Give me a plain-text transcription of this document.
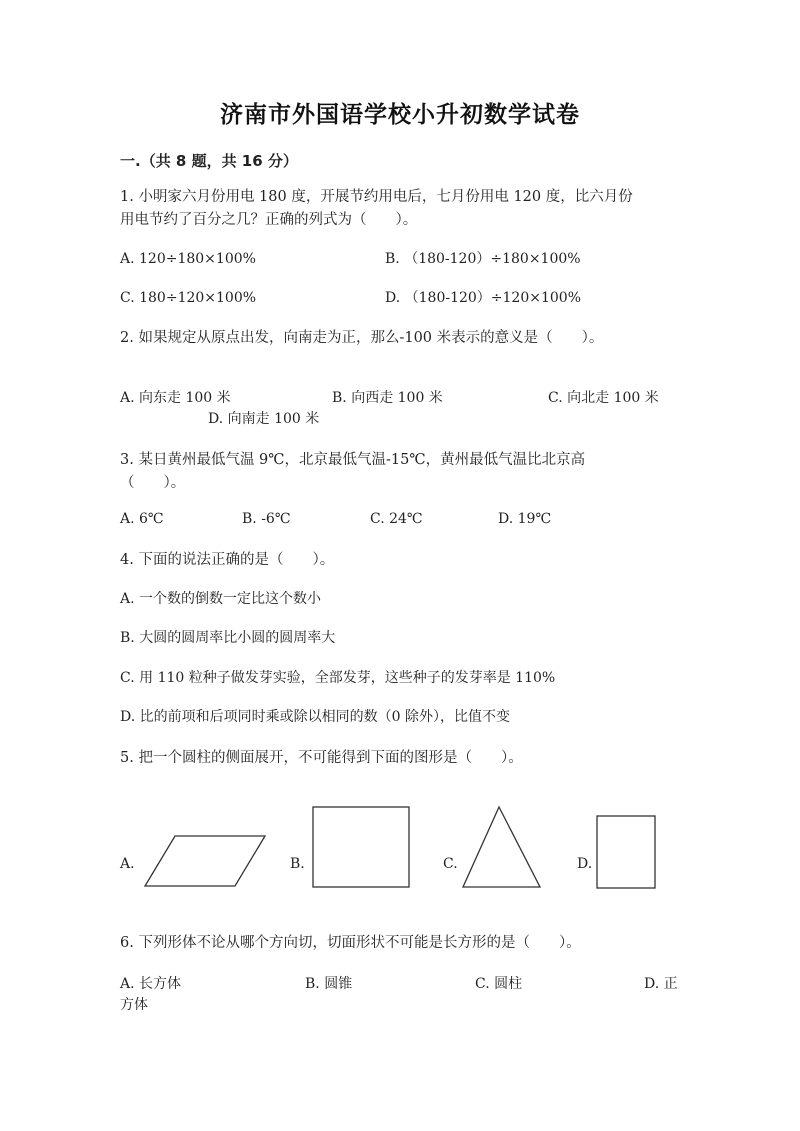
济南市外国语学校小升初数学试卷
一.（共 8 题，共 16 分）
1. 小明家六月份用电 180 度，开展节约用电后，七月份用电 120 度，比六月份
用电节约了百分之几？正确的列式为（　　）。
A. 120÷180×100%	B. （180-120）÷180×100%
C. 180÷120×100%	D. （180-120）÷120×100%
2. 如果规定从原点出发，向南走为正，那么-100 米表示的意义是（　　）。
A. 向东走 100 米	B. 向西走 100 米	C. 向北走 100 米
D. 向南走 100 米
3. 某日黄州最低气温 9℃，北京最低气温-15℃，黄州最低气温比北京高
（　　）。
A. 6℃	B. -6℃	C. 24℃	D. 19℃
4. 下面的说法正确的是（　　）。
A. 一个数的倒数一定比这个数小
B. 大圆的圆周率比小圆的圆周率大
C. 用 110 粒种子做发芽实验，全部发芽，这些种子的发芽率是 110%
D. 比的前项和后项同时乘或除以相同的数（0 除外），比值不变
5. 把一个圆柱的侧面展开，不可能得到下面的图形是（　　）。
A.	B.	C.	D.
6. 下列形体不论从哪个方向切，切面形状不可能是长方形的是（　　）。
A. 长方体	B. 圆锥	C. 圆柱	D. 正
方体
